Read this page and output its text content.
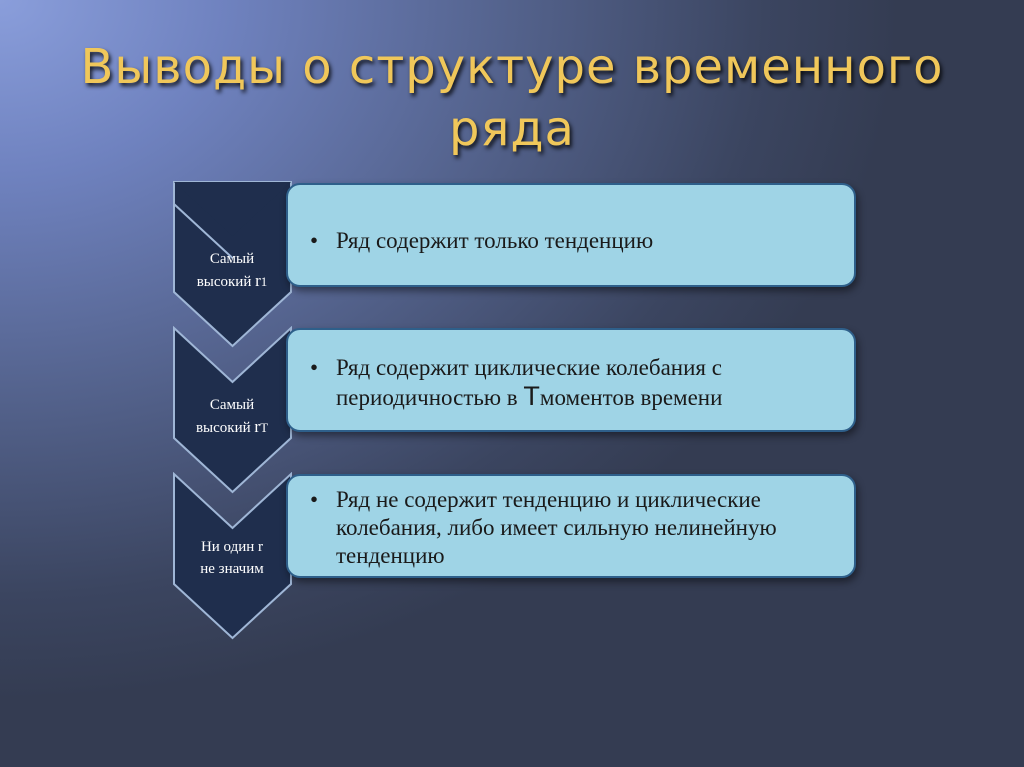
Выводы о структуре временного
ряда
Самый
высокий r1
• Ряд содержит только тенденцию
Самый
высокий rT
• Ряд содержит циклические колебания с периодичностью в Tмоментов времени
Ни один r
не значим
• Ряд не содержит тенденцию и циклические колебания, либо имеет сильную нелинейную тенденцию
